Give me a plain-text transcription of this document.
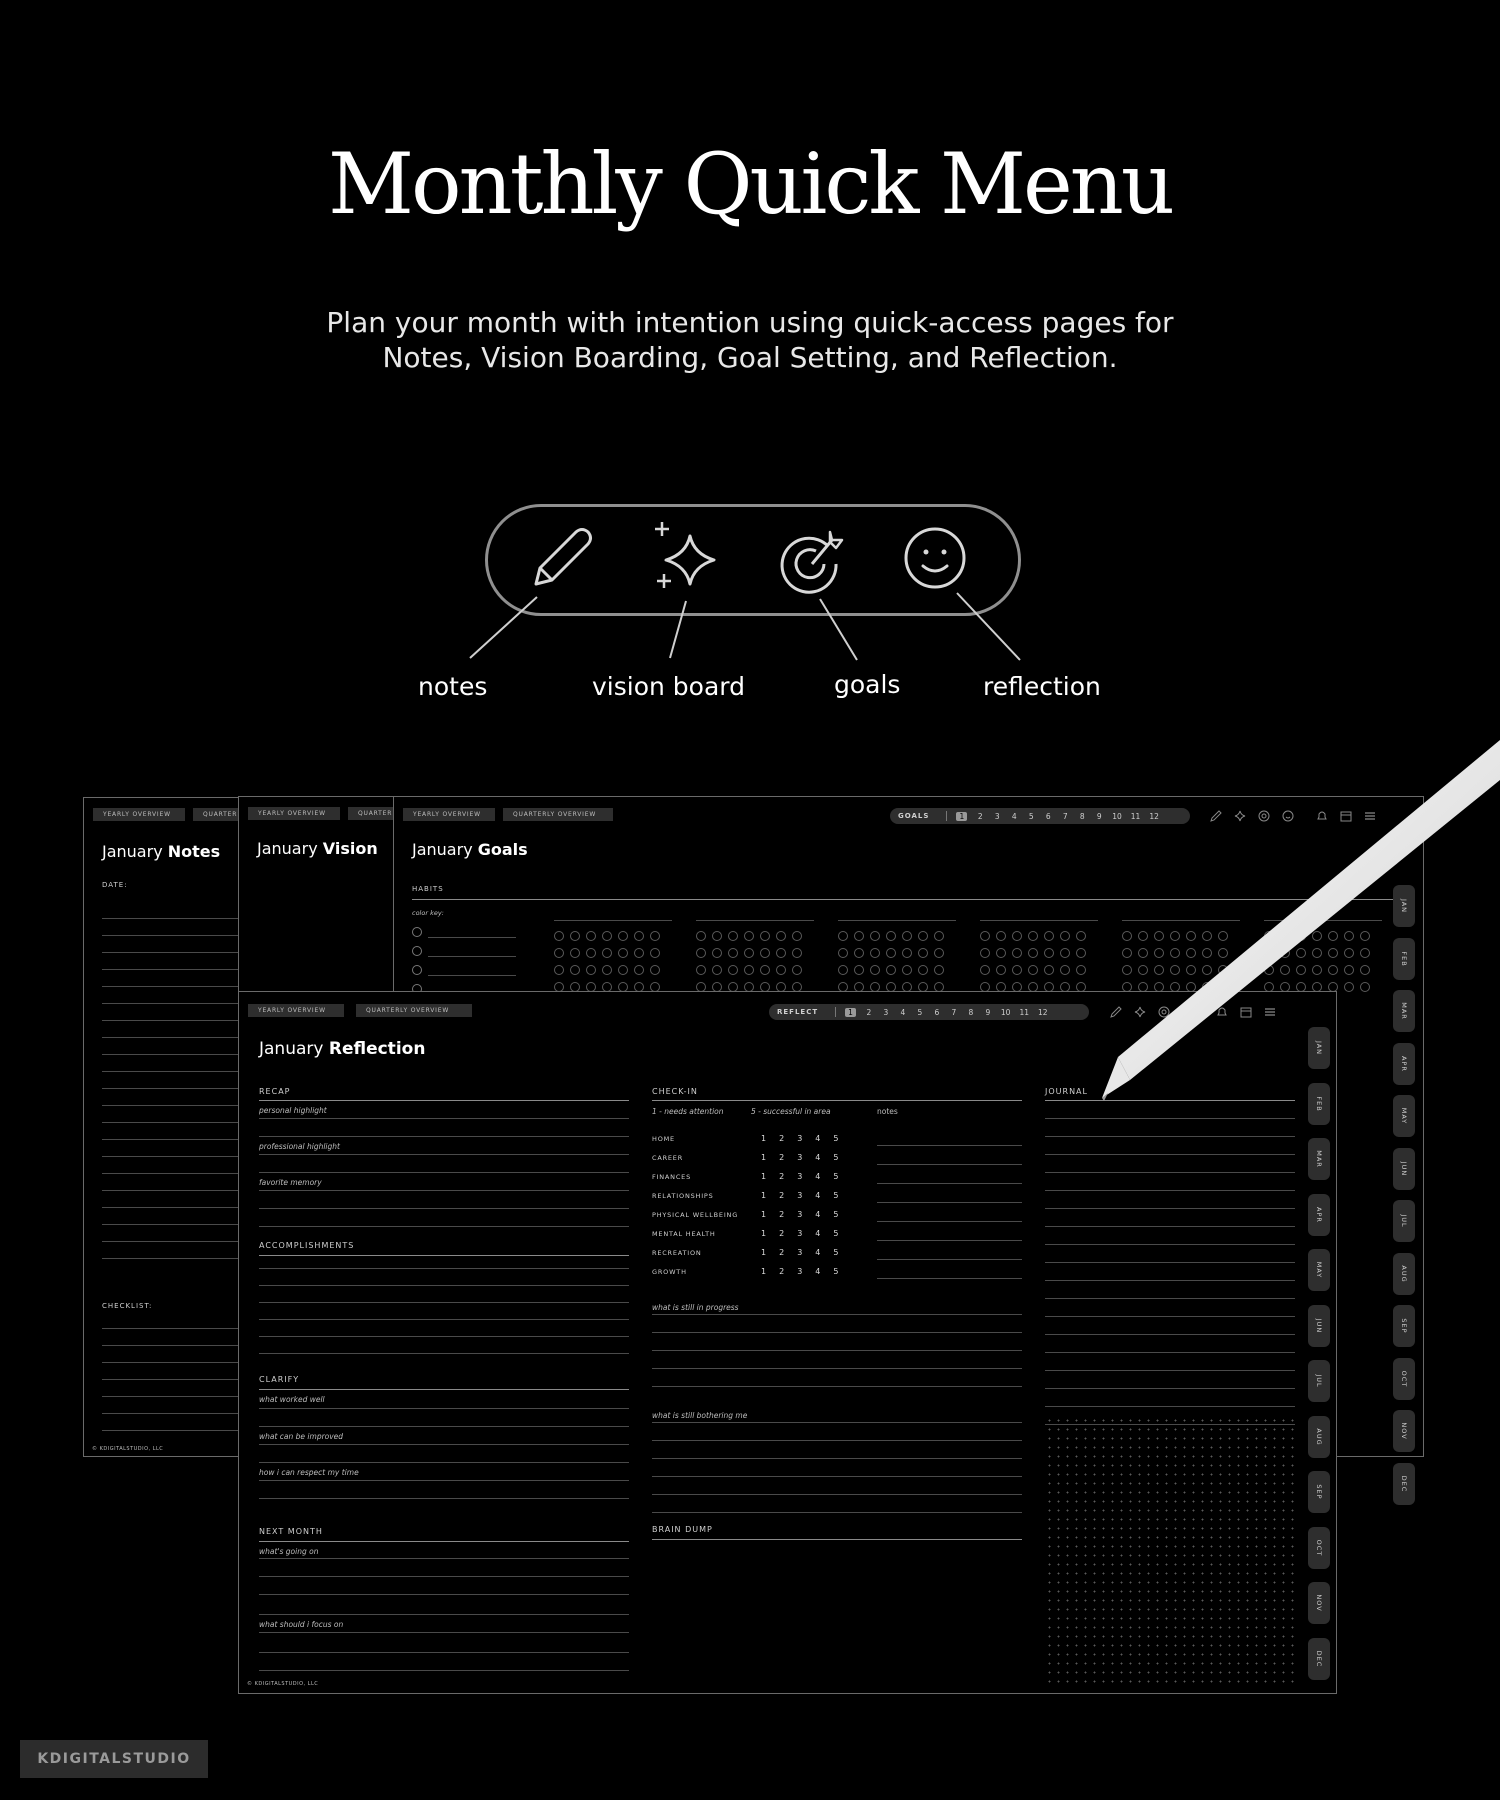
Monthly Quick Menu
Plan your month with intention using quick-access pages for
Notes, Vision Boarding, Goal Setting, and Reflection.
notes	vision board	goals	reflection
YEARLY OVERVIEW	QUARTER
January Notes
DATE:
CHECKLIST:
© KDIGITALSTUDIO, LLC
YEARLY OVERVIEW	QUARTER
January Vision
YEARLY OVERVIEW	QUARTERLY OVERVIEW	GOALS	1	2 3 4 5 6 7 8 9 10 11 12
January Goals
HABITS
color key:	JAN
FEB
MAR
APR
MAY
JUN
JUL
AUG
SEP
OCT
NOV
DEC
YEARLY OVERVIEW	QUARTERLY OVERVIEW	REFLECT	1	2 3 4 5 6 7 8 9 10 11 12
January Reflection
RECAP
personal highlight
professional highlight
favorite memory
ACCOMPLISHMENTS
CLARIFY
what worked well
what can be improved
how i can respect my time
NEXT MONTH
what's going on
what should i focus on
CHECK-IN
1 - needs attention	5 - successful in area	notes
what is still in progress
what is still bothering me
BRAIN DUMP
JOURNAL
© KDIGITALSTUDIO, LLC
JAN
FEB
MAR
APR
MAY
JUN
JUL
AUG
SEP
OCT
NOV
DEC
HOME	1 2 3 4 5
CAREER	1 2 3 4 5
FINANCES	1 2 3 4 5
RELATIONSHIPS	1 2 3 4 5
PHYSICAL WELLBEING	1 2 3 4 5
MENTAL HEALTH	1 2 3 4 5
RECREATION	1 2 3 4 5
GROWTH	1 2 3 4 5
KDIGITALSTUDIO
